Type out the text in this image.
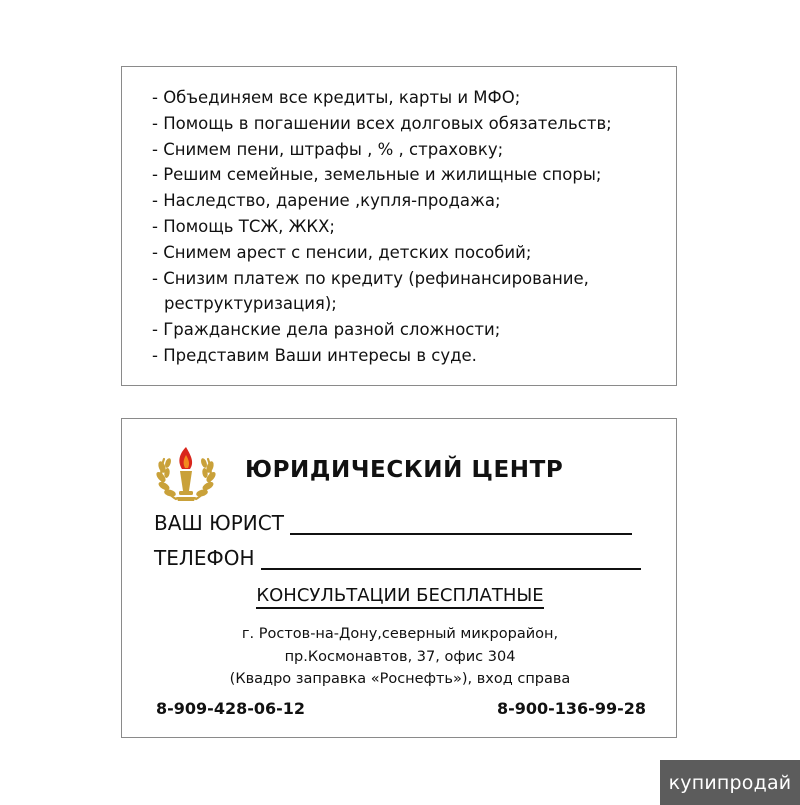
- Объединяем все кредиты, карты и МФО;
- Помощь в погашении всех долговых обязательств;
- Снимем пени, штрафы , % , страховку;
- Решим семейные, земельные и жилищные споры;
- Наследство, дарение ,купля-продажа;
- Помощь ТСЖ, ЖКХ;
- Снимем арест с пенсии, детских пособий;
- Снизим платеж по кредиту (рефинансирование,
реструктуризация);
- Гражданские дела разной сложности;
- Представим Ваши интересы в суде.
ЮРИДИЧЕСКИЙ ЦЕНТР
ВАШ ЮРИСТ
ТЕЛЕФОН
КОНСУЛЬТАЦИИ БЕСПЛАТНЫЕ
г. Ростов-на-Дону,северный микрорайон,
пр.Космонавтов, 37, офис 304
(Квадро заправка «Роснефть»), вход справа
8-909-428-06-12	8-900-136-99-28
купипродай
